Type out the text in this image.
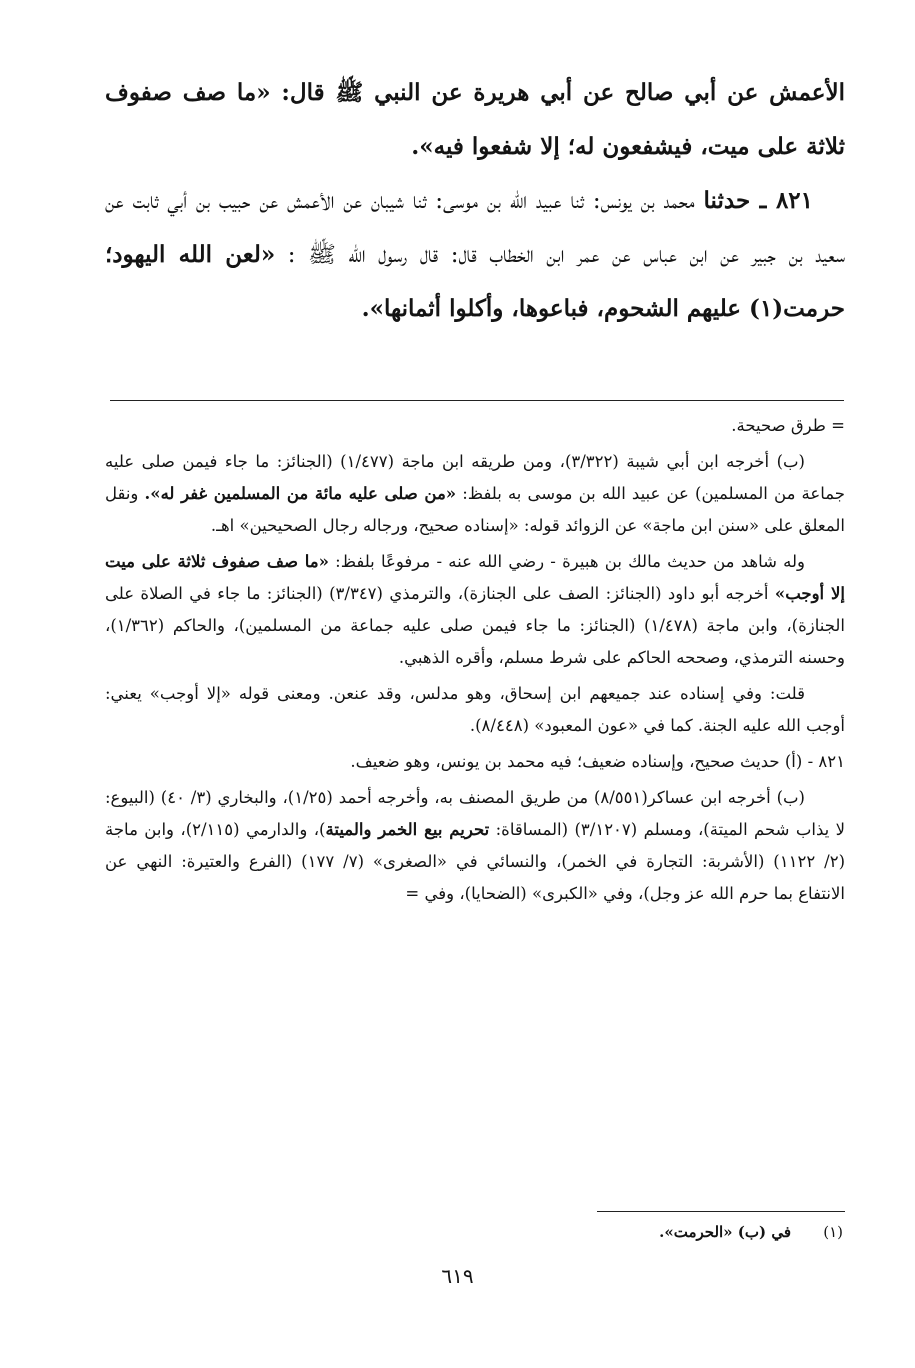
الأعمش عن أبي صالح عن أبي هريرة عن النبي ﷺ قال: «ما صف صفوف ثلاثة على ميت، فيشفعون له؛ إلا شفعوا فيه».

٨٢١ ـ حدثنا محمد بن يونس: ثنا عبيد الله بن موسى: ثنا شيبان عن الأعمش عن حبيب بن أبي ثابت عن سعيد بن جبير عن ابن عباس عن عمر ابن الخطاب قال: قال رسول الله ﷺ : «لعن الله اليهود؛ حرمت(١) عليهم الشحوم، فباعوها، وأكلوا أثمانها».

= طرق صحيحة.

(ب) أخرجه ابن أبي شيبة (٣/٣٢٢)، ومن طريقه ابن ماجة (١/٤٧٧) (الجنائز: ما جاء فيمن صلى عليه جماعة من المسلمين) عن عبيد الله بن موسى به بلفظ: «من صلى عليه مائة من المسلمين غفر له». ونقل المعلق على «سنن ابن ماجة» عن الزوائد قوله: «إسناده صحيح، ورجاله رجال الصحيحين» اهـ.

وله شاهد من حديث مالك بن هبيرة - رضي الله عنه - مرفوعًا بلفظ: «ما صف صفوف ثلاثة على ميت إلا أوجب» أخرجه أبو داود (الجنائز: الصف على الجنازة)، والترمذي (٣/٣٤٧) (الجنائز: ما جاء في الصلاة على الجنازة)، وابن ماجة (١/٤٧٨) (الجنائز: ما جاء فيمن صلى عليه جماعة من المسلمين)، والحاكم (١/٣٦٢)، وحسنه الترمذي، وصححه الحاكم على شرط مسلم، وأقره الذهبي.

قلت: وفي إسناده عند جميعهم ابن إسحاق، وهو مدلس، وقد عنعن. ومعنى قوله «إلا أوجب» يعني: أوجب الله عليه الجنة. كما في «عون المعبود» (٨/٤٤٨).

٨٢١ - (أ) حديث صحيح، وإسناده ضعيف؛ فيه محمد بن يونس، وهو ضعيف.

(ب) أخرجه ابن عساكر(٨/٥٥١) من طريق المصنف به، وأخرجه أحمد (١/٢٥)، والبخاري (٣/ ٤٠) (البيوع: لا يذاب شحم الميتة)، ومسلم (٣/١٢٠٧) (المساقاة: تحريم بيع الخمر والميتة)، والدارمي (٢/١١٥)، وابن ماجة (٢/ ١١٢٢) (الأشربة: التجارة في الخمر)، والنسائي في «الصغرى» (٧/ ١٧٧) (الفرع والعتيرة: النهي عن الانتفاع بما حرم الله عز وجل)، وفي «الكبرى» (الضحايا)، وفي =

(١)في (ب) «الحرمت».
٦١٩
